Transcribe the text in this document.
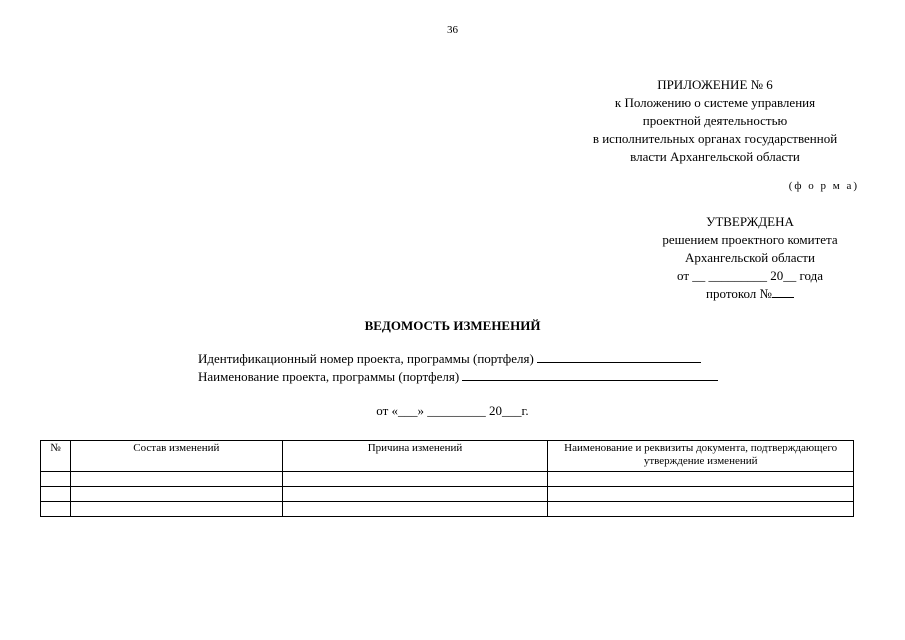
36
ПРИЛОЖЕНИЕ № 6
к Положению о системе управления
проектной деятельностью
в исполнительных органах государственной
власти Архангельской области
(ф о р м а)
УТВЕРЖДЕНА
решением проектного комитета
Архангельской области
от __ _________ 20__ года
протокол №
ВЕДОМОСТЬ ИЗМЕНЕНИЙ
Идентификационный номер проекта, программы (портфеля)
Наименование проекта, программы (портфеля)
от «___» _________ 20___г.
№	Состав изменений	Причина изменений	Наименование и реквизиты документа, подтверждающего утверждение изменений
